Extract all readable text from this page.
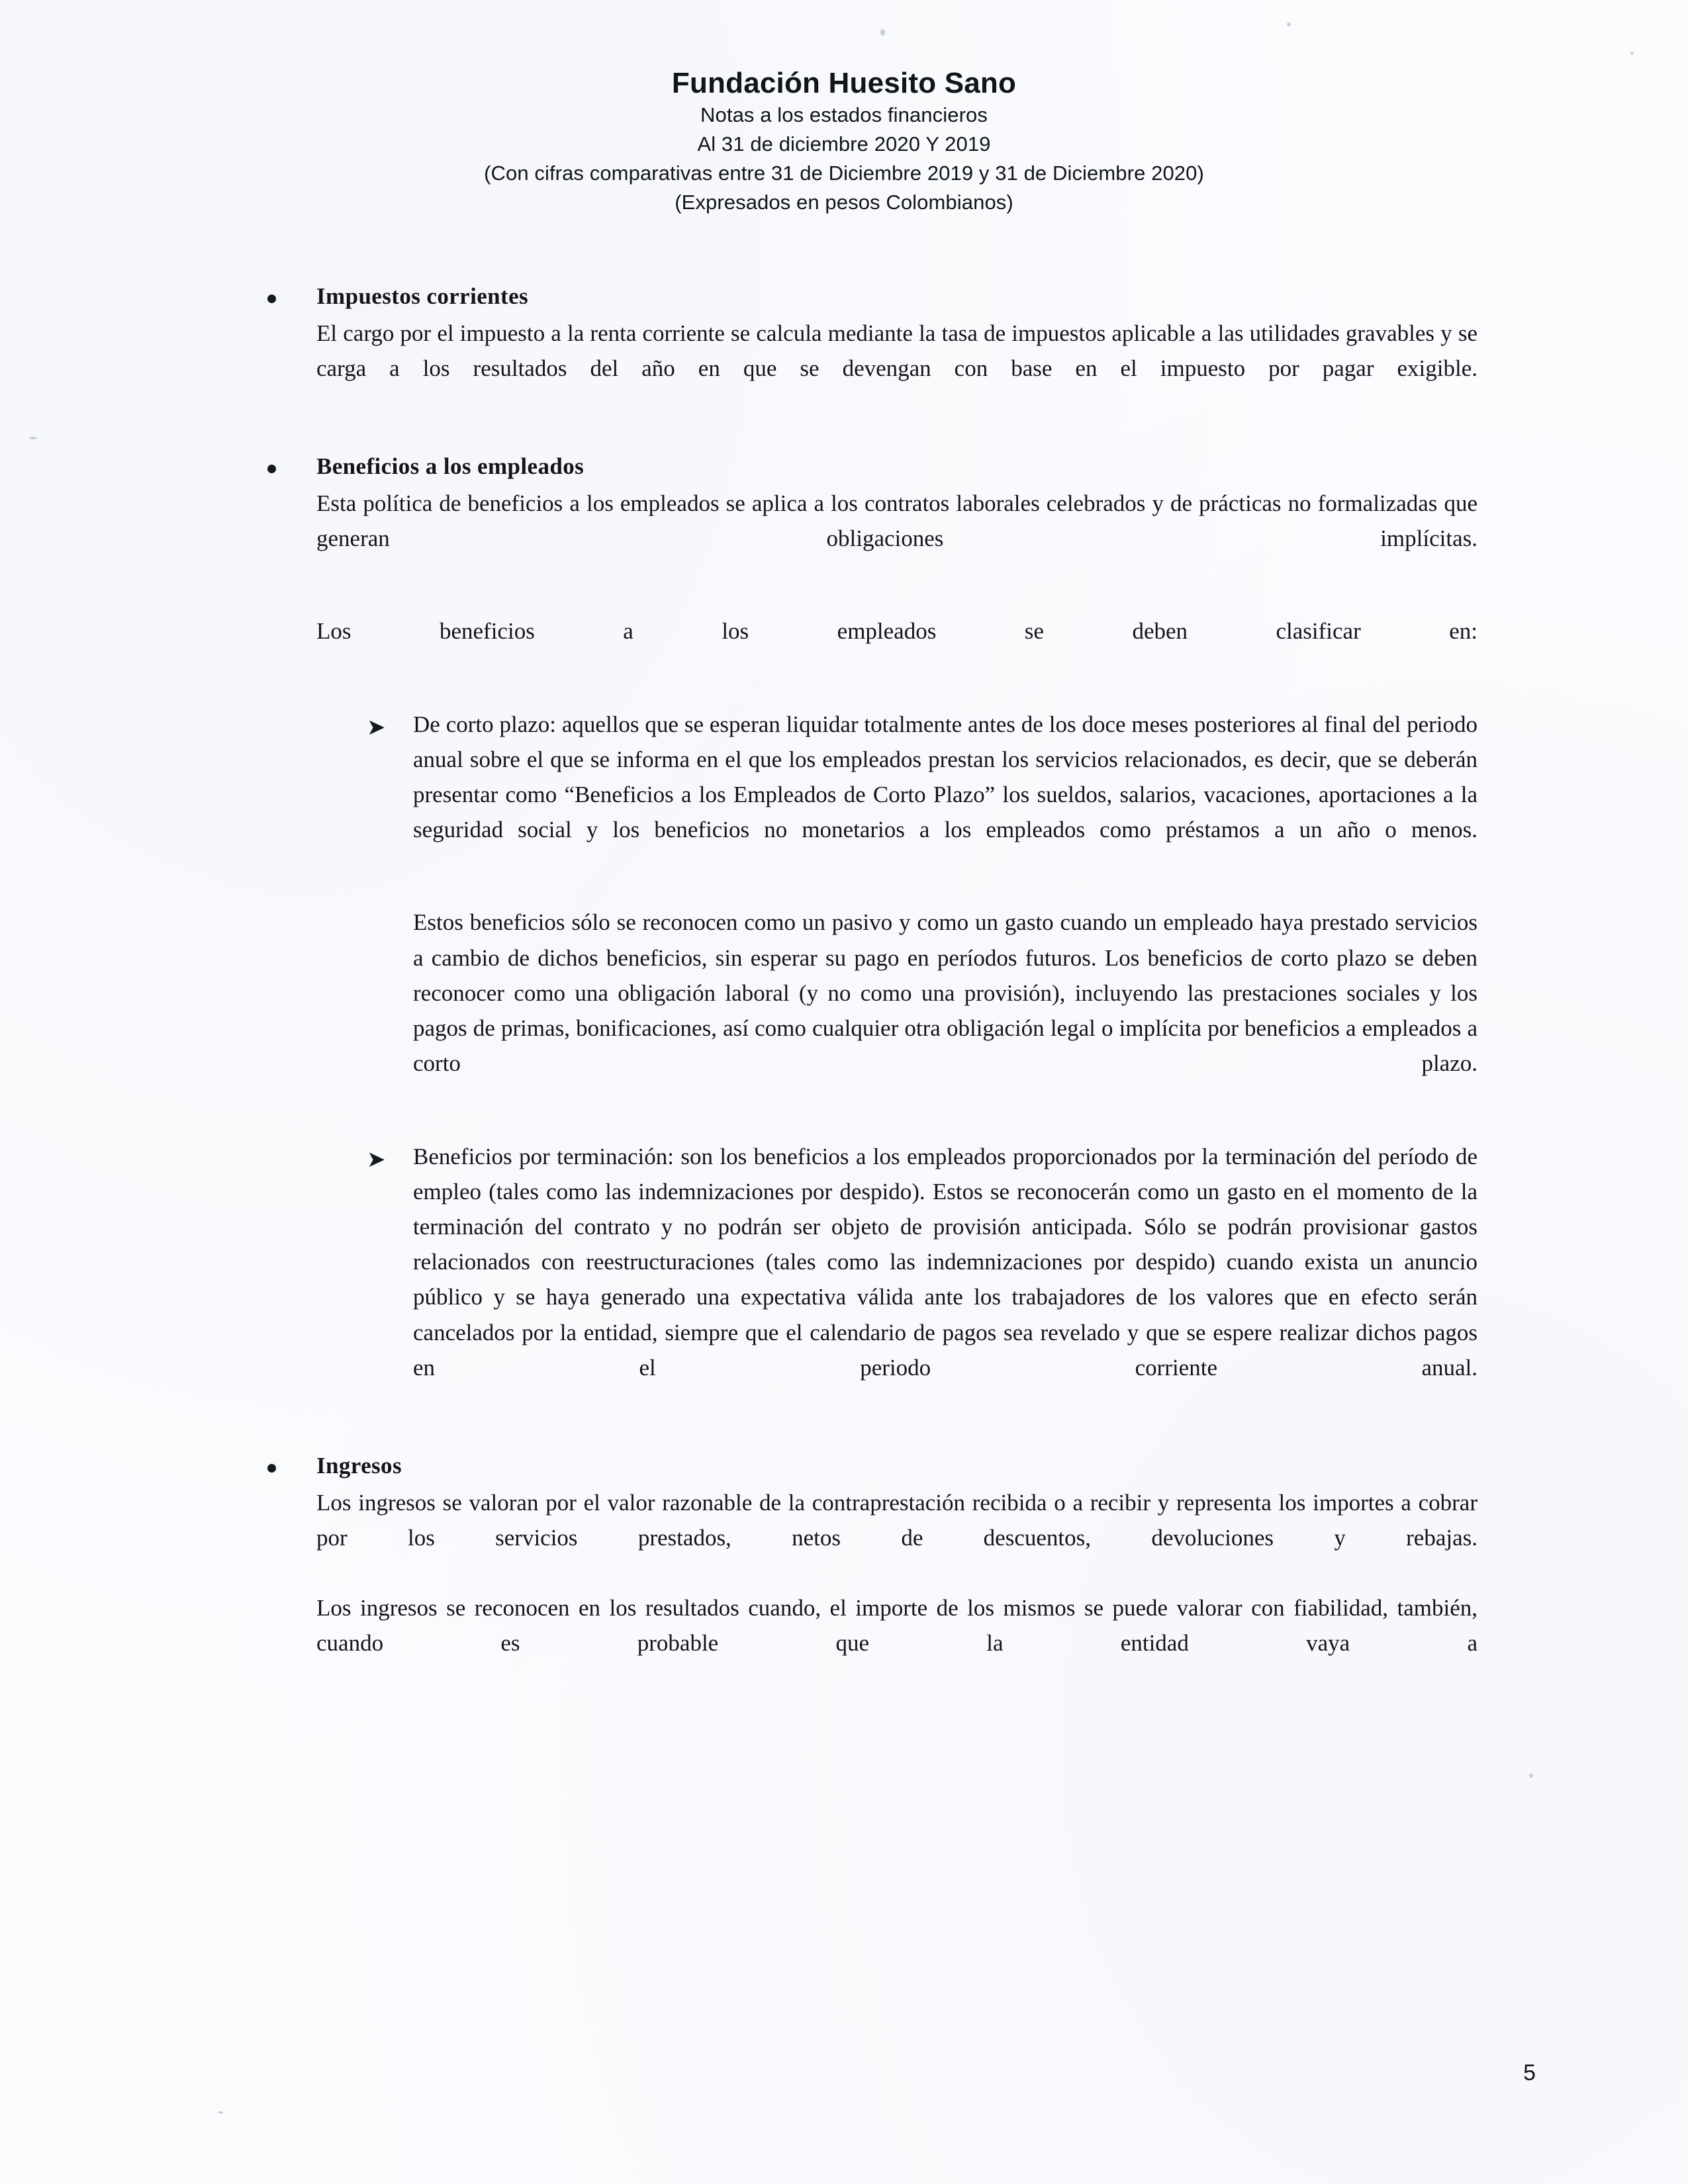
Fundación Huesito Sano
Notas a los estados financieros
Al 31 de diciembre 2020 Y 2019
(Con cifras comparativas entre 31 de Diciembre 2019 y 31 de Diciembre 2020)
(Expresados en pesos Colombianos)
Impuestos corrientes

El cargo por el impuesto a la renta corriente se calcula mediante la tasa de impuestos aplicable a las utilidades gravables y se carga a los resultados del año en que se devengan con base en el impuesto por pagar exigible.

Beneficios a los empleados

Esta política de beneficios a los empleados se aplica a los contratos laborales celebrados y de prácticas no formalizadas que generan obligaciones implícitas.

Los beneficios a los empleados se deben clasificar en:

➤ De corto plazo: aquellos que se esperan liquidar totalmente antes de los doce meses posteriores al final del periodo anual sobre el que se informa en el que los empleados prestan los servicios relacionados, es decir, que se deberán presentar como “Beneficios a los Empleados de Corto Plazo” los sueldos, salarios, vacaciones, aportaciones a la seguridad social y los beneficios no monetarios a los empleados como préstamos a un año o menos.

Estos beneficios sólo se reconocen como un pasivo y como un gasto cuando un empleado haya prestado servicios a cambio de dichos beneficios, sin esperar su pago en períodos futuros. Los beneficios de corto plazo se deben reconocer como una obligación laboral (y no como una provisión), incluyendo las prestaciones sociales y los pagos de primas, bonificaciones, así como cualquier otra obligación legal o implícita por beneficios a empleados a corto plazo.

➤ Beneficios por terminación: son los beneficios a los empleados proporcionados por la terminación del período de empleo (tales como las indemnizaciones por despido). Estos se reconocerán como un gasto en el momento de la terminación del contrato y no podrán ser objeto de provisión anticipada. Sólo se podrán provisionar gastos relacionados con reestructuraciones (tales como las indemnizaciones por despido) cuando exista un anuncio público y se haya generado una expectativa válida ante los trabajadores de los valores que en efecto serán cancelados por la entidad, siempre que el calendario de pagos sea revelado y que se espere realizar dichos pagos en el periodo corriente anual.

Ingresos

Los ingresos se valoran por el valor razonable de la contraprestación recibida o a recibir y representa los importes a cobrar por los servicios prestados, netos de descuentos, devoluciones y rebajas.

Los ingresos se reconocen en los resultados cuando, el importe de los mismos se puede valorar con fiabilidad, también, cuando es probable que la entidad vaya a

5
